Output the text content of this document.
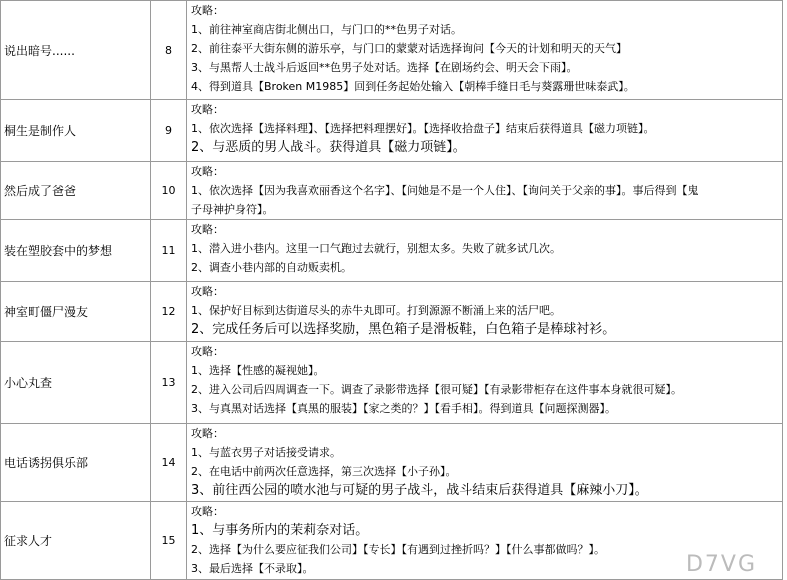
说出暗号......	8	攻略：
1、前往神室商店街北侧出口，与门口的**色男子对话。
2、前往泰平大街东侧的游乐亭，与门口的蒙蒙对话选择询问【今天的计划和明天的天气】
3、与黑帮人士战斗后返回**色男子处对话。选择【在剧场约会、明天会下雨】。
4、得到道具【Broken M1985】回到任务起始处输入【朝棒手缝日毛与葵露珊世味泰武】。

桐生是制作人	9	攻略：
1、依次选择【选择料理】、【选择把料理摆好】。【选择收拾盘子】结束后获得道具【磁力项链】。
2、与恶质的男人战斗。获得道具【磁力项链】。

然后成了爸爸	10	攻略：
1、依次选择【因为我喜欢丽香这个名字】、【问她是不是一个人住】、【询问关于父亲的事】。事后得到【鬼
子母神护身符】。

装在塑胶套中的梦想	11	攻略：
1、潜入进小巷内。这里一口气跑过去就行，别想太多。失败了就多试几次。
2、调查小巷内部的自动贩卖机。

神室町僵尸漫友	12	攻略：
1、保护好目标到达街道尽头的赤牛丸即可。打到源源不断涌上来的活尸吧。
2、完成任务后可以选择奖励，黑色箱子是滑板鞋，白色箱子是棒球衬衫。

小心丸查	13	攻略：
1、选择【性感的凝视她】。
2、进入公司后四周调查一下。调查了录影带选择【很可疑】【有录影带柜存在这件事本身就很可疑】。
3、与真黑对话选择【真黑的服装】【家之类的？】【看手相】。得到道具【问题探测器】。

电话诱拐俱乐部	14	攻略：
1、与蓝衣男子对话接受请求。
2、在电话中前两次任意选择，第三次选择【小子孙】。
3、前往西公园的喷水池与可疑的男子战斗，战斗结束后获得道具【麻辣小刀】。

征求人才	15	攻略：
1、与事务所内的茉莉奈对话。
2、选择【为什么要应征我们公司】【专长】【有遇到过挫折吗？】【什么事都做吗？】。
3、最后选择【不录取】。	D7VG
